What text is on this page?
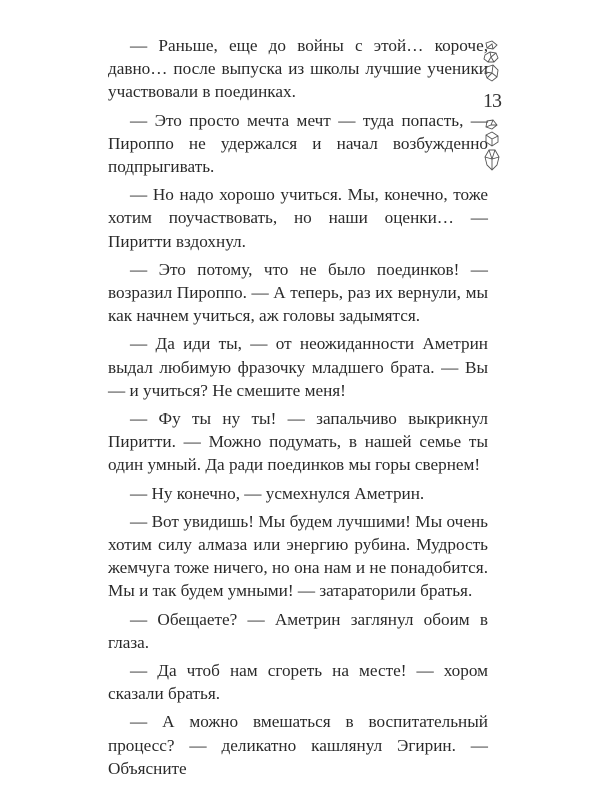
— Раньше, еще до войны с этой… короче, давно… после выпуска из школы лучшие ученики участвовали в поединках.

— Это просто мечта мечт — туда попасть, — Пироппо не удержался и начал возбужденно подпрыгивать.

— Но надо хорошо учиться. Мы, конечно, тоже хотим поучаствовать, но наши оценки… — Пиритти вздохнул.

— Это потому, что не было поединков! — возразил Пироппо. — А теперь, раз их вернули, мы как начнем учиться, аж головы задымятся.

— Да иди ты, — от неожиданности Аметрин выдал любимую фразочку младшего брата. — Вы — и учиться? Не смешите меня!

— Фу ты ну ты! — запальчиво выкрикнул Пиритти. — Можно подумать, в нашей семье ты один умный. Да ради поединков мы горы свернем!

— Ну конечно, — усмехнулся Аметрин.

— Вот увидишь! Мы будем лучшими! Мы очень хотим силу алмаза или энергию рубина. Мудрость жемчуга тоже ничего, но она нам и не понадобится. Мы и так будем умными! — затараторили братья.

— Обещаете? — Аметрин заглянул обоим в глаза.

— Да чтоб нам сгореть на месте! — хором сказали братья.

— А можно вмешаться в воспитательный процесс? — деликатно кашлянул Эгирин. — Объясните

13
